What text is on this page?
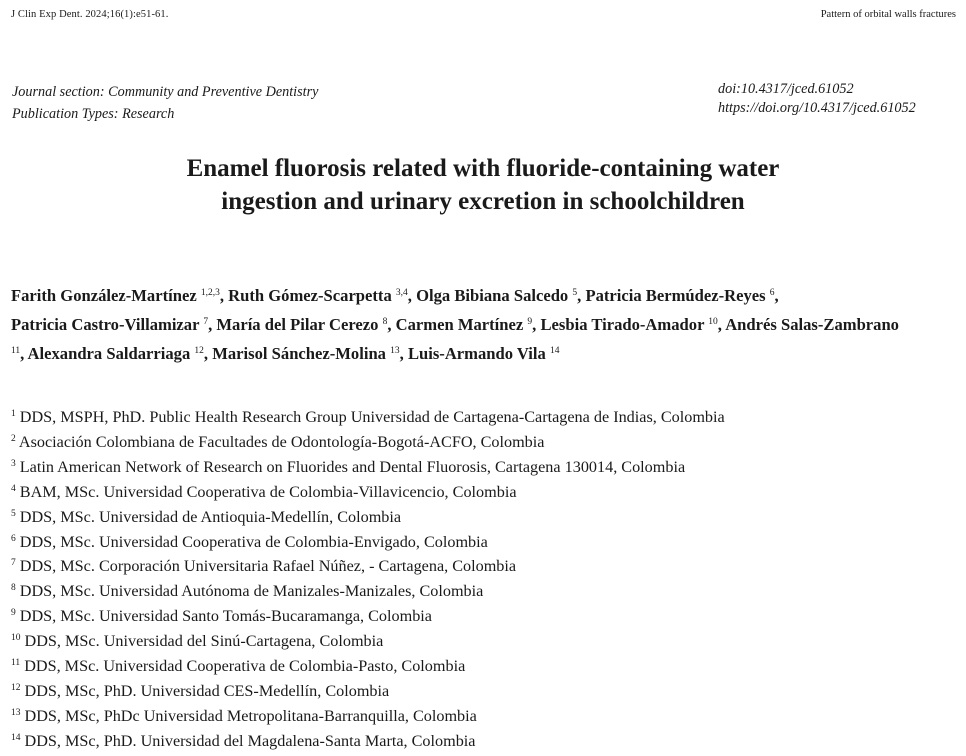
J Clin Exp Dent. 2024;16(1):e51-61.	Pattern of orbital walls fractures
Journal section: Community and Preventive Dentistry
Publication Types: Research
doi:10.4317/jced.61052
https://doi.org/10.4317/jced.61052
Enamel fluorosis related with fluoride-containing water
ingestion and urinary excretion in schoolchildren
Farith González-Martínez $^{1,2,3}$, Ruth Gómez-Scarpetta $^{3,4}$, Olga Bibiana Salcedo $^5$, Patricia Bermúdez-Reyes $^6$,
Patricia Castro-Villamizar $^7$, María del Pilar Cerezo $^8$, Carmen Martínez $^9$, Lesbia Tirado-Amador $^{10}$, Andrés Salas-Zambrano
$^{11}$, Alexandra Saldarriaga $^{12}$, Marisol Sánchez-Molina $^{13}$, Luis-Armando Vila $^{14}$
$^1$ DDS, MSPH, PhD. Public Health Research Group Universidad de Cartagena-Cartagena de Indias, Colombia
$^2$ Asociación Colombiana de Facultades de Odontología-Bogotá-ACFO, Colombia
$^3$ Latin American Network of Research on Fluorides and Dental Fluorosis, Cartagena 130014, Colombia
$^4$ BAM, MSc. Universidad Cooperativa de Colombia-Villavicencio, Colombia
$^5$ DDS, MSc. Universidad de Antioquia-Medellín, Colombia
$^6$ DDS, MSc. Universidad Cooperativa de Colombia-Envigado, Colombia
$^7$ DDS, MSc. Corporación Universitaria Rafael Núñez, - Cartagena, Colombia
$^8$ DDS, MSc. Universidad Autónoma de Manizales-Manizales, Colombia
$^9$ DDS, MSc. Universidad Santo Tomás-Bucaramanga, Colombia
$^{10}$ DDS, MSc. Universidad del Sinú-Cartagena, Colombia
$^{11}$ DDS, MSc. Universidad Cooperativa de Colombia-Pasto, Colombia
$^{12}$ DDS, MSc, PhD. Universidad CES-Medellín, Colombia
$^{13}$ DDS, MSc, PhDc Universidad Metropolitana-Barranquilla, Colombia
$^{14}$ DDS, MSc, PhD. Universidad del Magdalena-Santa Marta, Colombia
